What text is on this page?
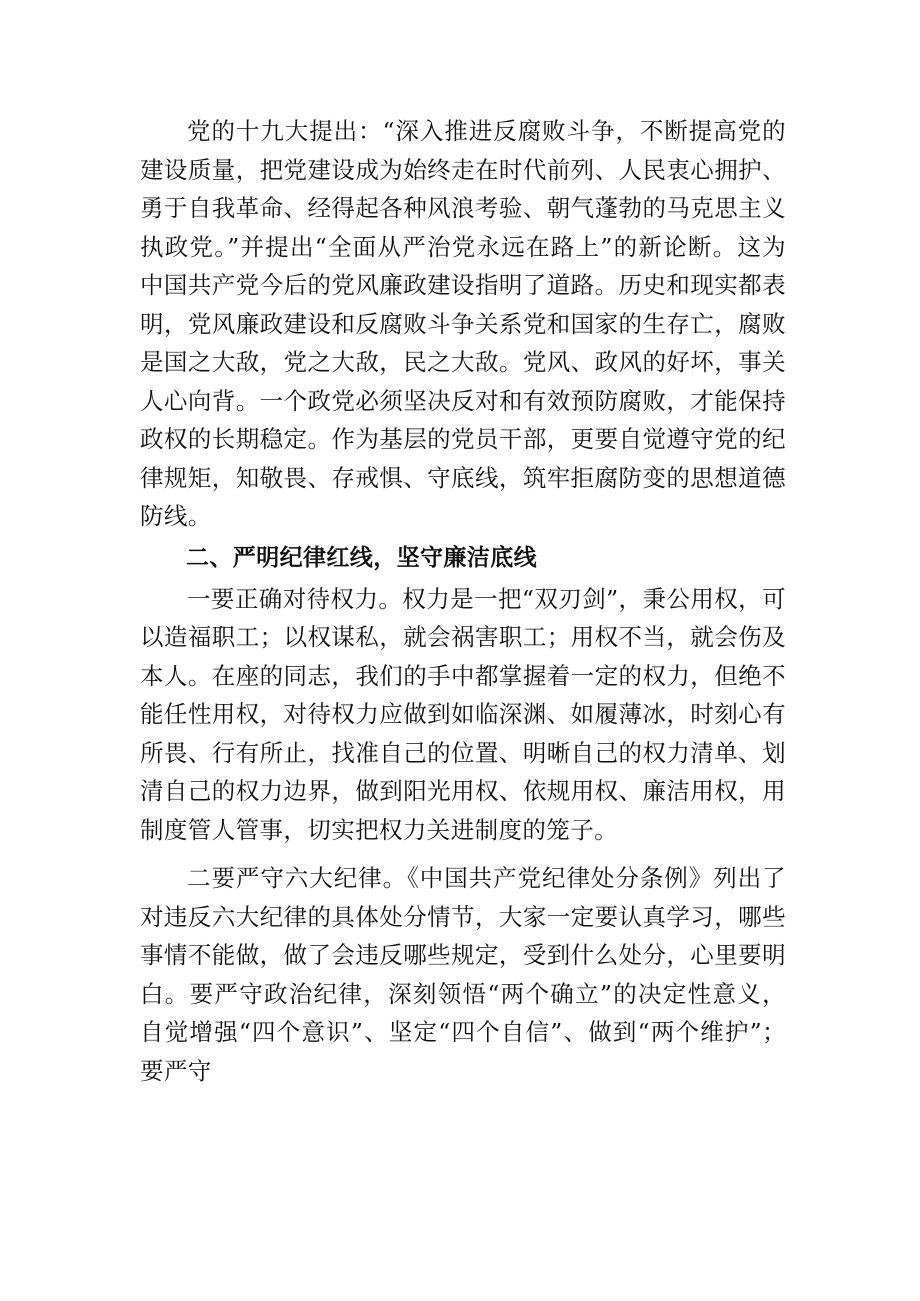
党的十九大提出：“深入推进反腐败斗争，不断提高党的建设质量，把党建设成为始终走在时代前列、人民衷心拥护、勇于自我革命、经得起各种风浪考验、朝气蓬勃的马克思主义执政党。”并提出“全面从严治党永远在路上”的新论断。这为中国共产党今后的党风廉政建设指明了道路。历史和现实都表明，党风廉政建设和反腐败斗争关系党和国家的生存亡，腐败是国之大敌，党之大敌，民之大敌。党风、政风的好坏，事关人心向背。一个政党必须坚决反对和有效预防腐败，才能保持政权的长期稳定。作为基层的党员干部，更要自觉遵守党的纪律规矩，知敬畏、存戒惧、守底线，筑牢拒腐防变的思想道德防线。

二、严明纪律红线，坚守廉洁底线

一要正确对待权力。权力是一把“双刃剑”，秉公用权，可以造福职工；以权谋私，就会祸害职工；用权不当，就会伤及本人。在座的同志，我们的手中都掌握着一定的权力，但绝不能任性用权，对待权力应做到如临深渊、如履薄冰，时刻心有所畏、行有所止，找准自己的位置、明晰自己的权力清单、划清自己的权力边界，做到阳光用权、依规用权、廉洁用权，用制度管人管事，切实把权力关进制度的笼子。

二要严守六大纪律。《中国共产党纪律处分条例》列出了对违反六大纪律的具体处分情节，大家一定要认真学习，哪些事情不能做，做了会违反哪些规定，受到什么处分，心里要明白。要严守政治纪律，深刻领悟“两个确立”的决定性意义，自觉增强“四个意识”、坚定“四个自信”、做到“两个维护”；要严守
